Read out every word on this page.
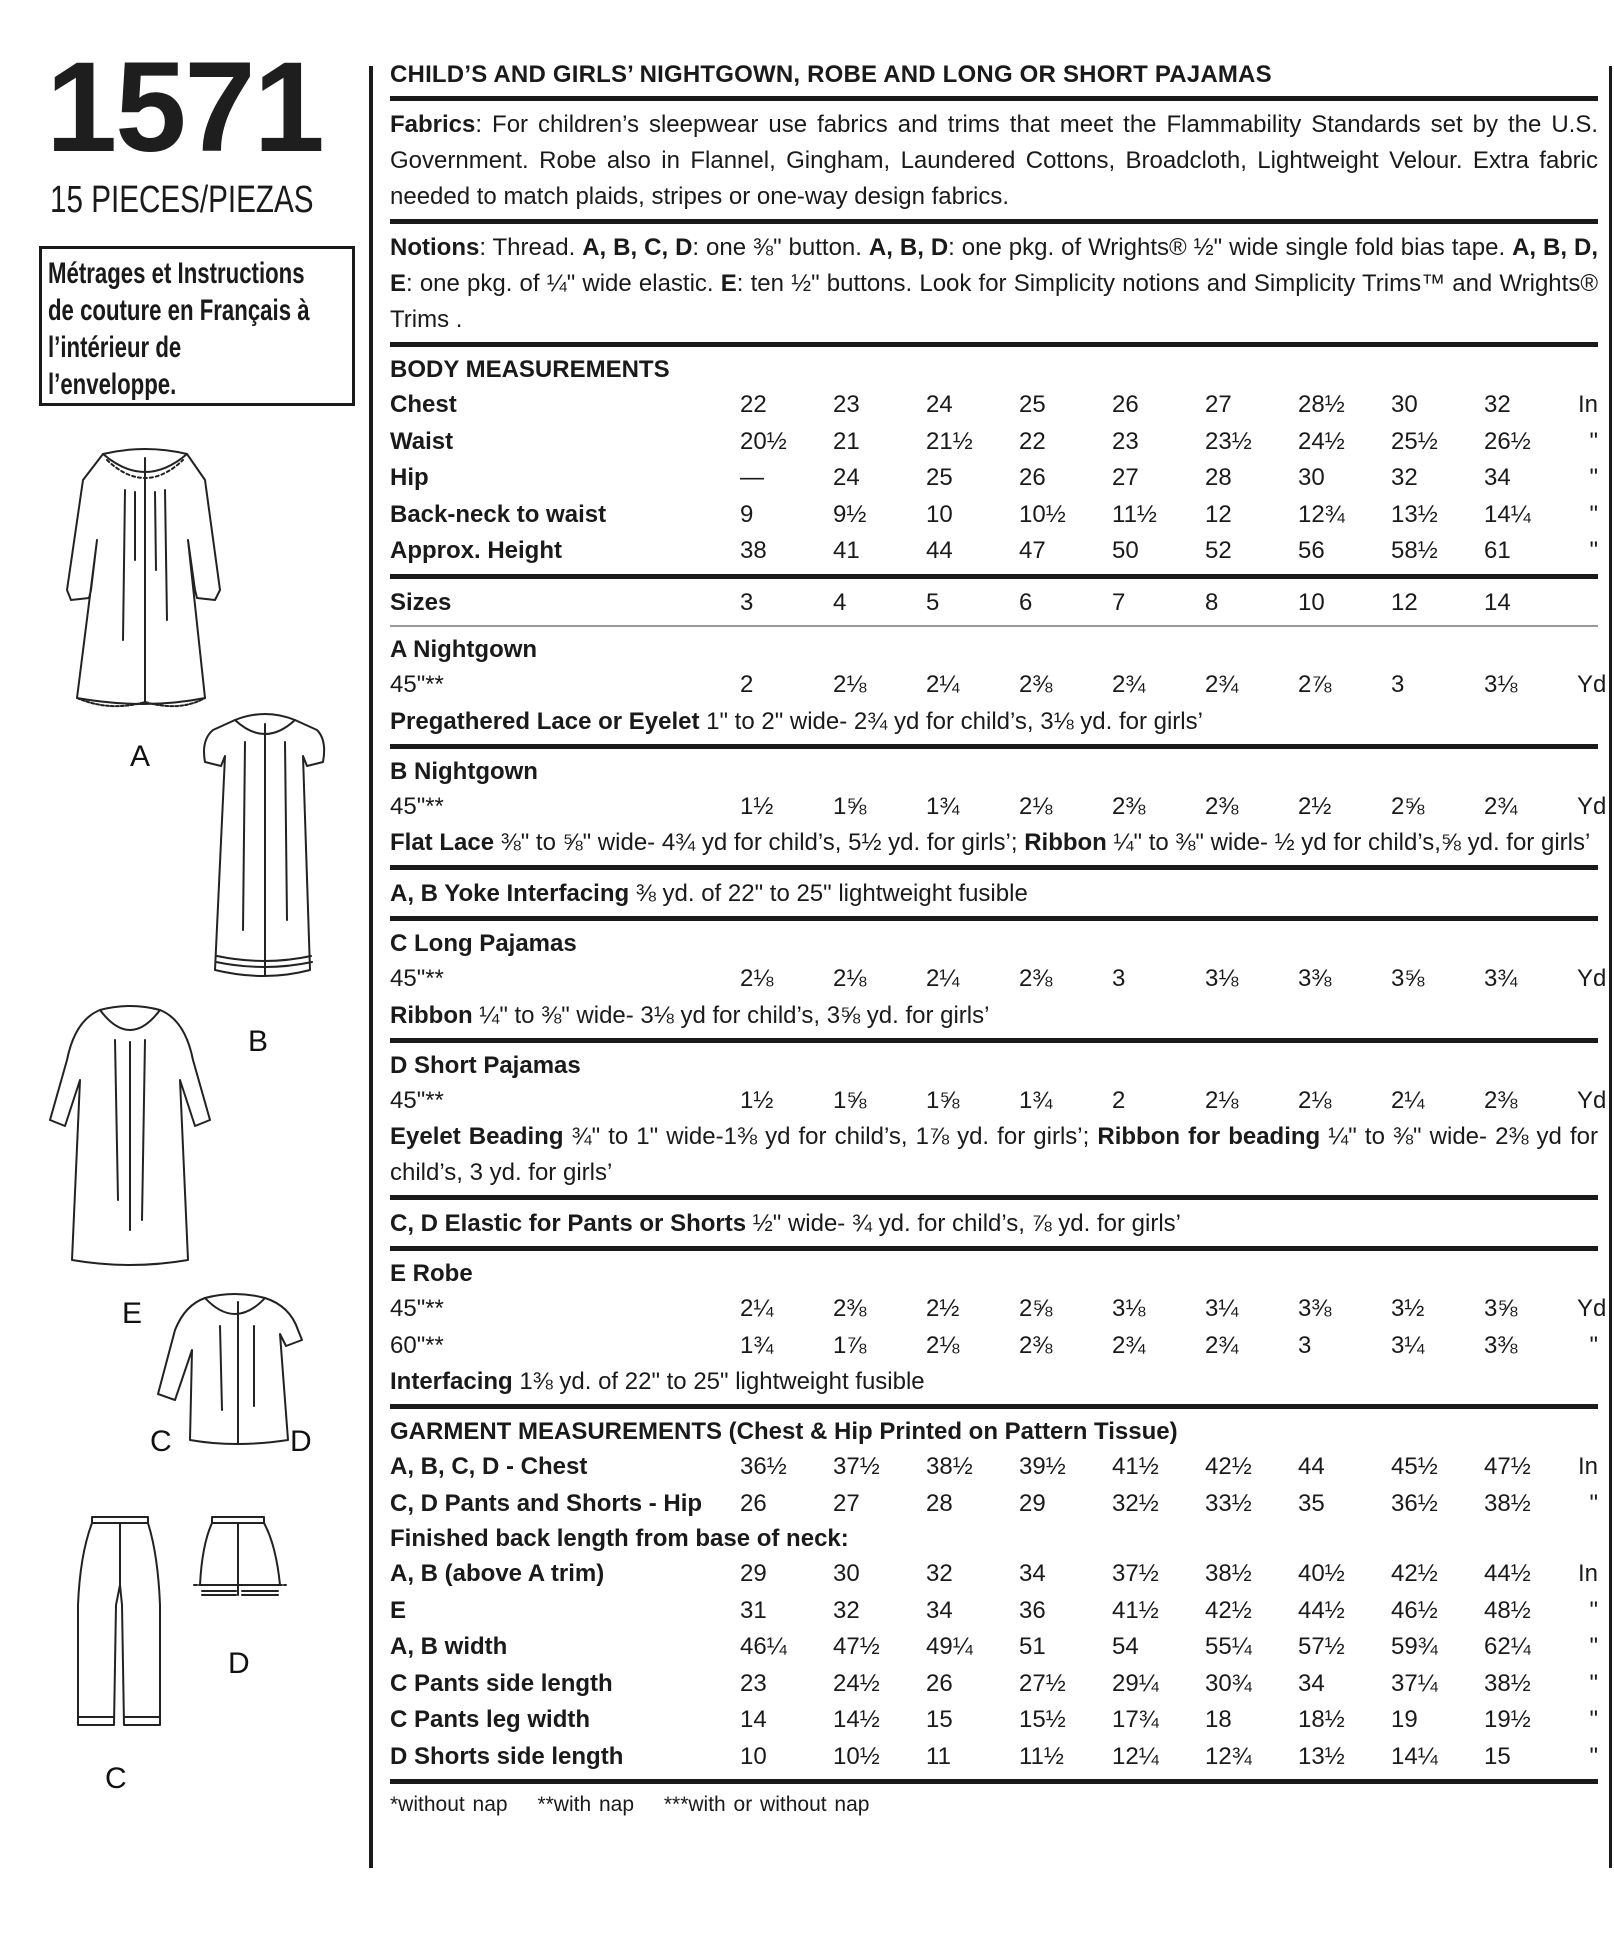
1571
15 PIECES/PIEZAS
Métrages et Instructions
de couture en Français à
l’intérieur de
l’enveloppe.
A
B
E
C	D
C
D
CHILD’S AND GIRLS’ NIGHTGOWN, ROBE AND LONG OR SHORT PAJAMAS
Fabrics: For children’s sleepwear use fabrics and trims that meet the Flammability Standards set by the U.S. Government. Robe also in Flannel, Gingham, Laundered Cottons, Broadcloth, Lightweight Velour. Extra fabric needed to match plaids, stripes or one-way design fabrics.
Notions: Thread. A, B, C, D: one ⅜" button. A, B, D: one pkg. of Wrights® ½" wide single fold bias tape. A, B, D, E: one pkg. of ¼" wide elastic. E: ten ½" buttons. Look for Simplicity notions and Simplicity Trims™ and Wrights® Trims .
BODY MEASUREMENTS
Chest	22	23	24	25	26	27	28½	30	32	In
Waist	20½	21	21½	22	23	23½	24½	25½	26½	"
Hip	—	24	25	26	27	28	30	32	34	"
Back-neck to waist	9	9½	10	10½	11½	12	12¾	13½	14¼	"
Approx. Height	38	41	44	47	50	52	56	58½	61	"
Sizes	3	4	5	6	7	8	10	12	14
A Nightgown
45"**	2	2⅛	2¼	2⅜	2¾	2¾	2⅞	3	3⅛	Yd
Pregathered Lace or Eyelet 1" to 2" wide- 2¾ yd for child’s, 3⅛ yd. for girls’
B Nightgown
45"**	1½	1⅝	1¾	2⅛	2⅜	2⅜	2½	2⅝	2¾	Yd
Flat Lace ⅜" to ⅝" wide- 4¾ yd for child’s, 5½ yd. for girls’; Ribbon ¼" to ⅜" wide- ½ yd for child’s,⅝ yd. for girls’
A, B Yoke Interfacing ⅜ yd. of 22" to 25" lightweight fusible
C Long Pajamas
45"**	2⅛	2⅛	2¼	2⅜	3	3⅛	3⅜	3⅝	3¾	Yd
Ribbon ¼" to ⅜" wide- 3⅛ yd for child’s, 3⅝ yd. for girls’
D Short Pajamas
45"**	1½	1⅝	1⅝	1¾	2	2⅛	2⅛	2¼	2⅜	Yd
Eyelet Beading ¾" to 1" wide-1⅜ yd for child’s, 1⅞ yd. for girls’; Ribbon for beading ¼" to ⅜" wide- 2⅜ yd for child’s, 3 yd. for girls’
C, D Elastic for Pants or Shorts ½" wide- ¾ yd. for child’s, ⅞ yd. for girls’
E Robe
45"**	2¼	2⅜	2½	2⅝	3⅛	3¼	3⅜	3½	3⅝	Yd
60"**	1¾	1⅞	2⅛	2⅜	2¾	2¾	3	3¼	3⅜	"
Interfacing 1⅜ yd. of 22" to 25" lightweight fusible
GARMENT MEASUREMENTS (Chest & Hip Printed on Pattern Tissue)
A, B, C, D - Chest	36½	37½	38½	39½	41½	42½	44	45½	47½	In
C, D Pants and Shorts - Hip	26	27	28	29	32½	33½	35	36½	38½	"
Finished back length from base of neck:
A, B (above A trim)	29	30	32	34	37½	38½	40½	42½	44½	In
E	31	32	34	36	41½	42½	44½	46½	48½	"
A, B width	46¼	47½	49¼	51	54	55¼	57½	59¾	62¼	"
C Pants side length	23	24½	26	27½	29¼	30¾	34	37¼	38½	"
C Pants leg width	14	14½	15	15½	17¾	18	18½	19	19½	"
D Shorts side length	10	10½	11	11½	12¼	12¾	13½	14¼	15	"
*without nap **with nap ***with or without nap
